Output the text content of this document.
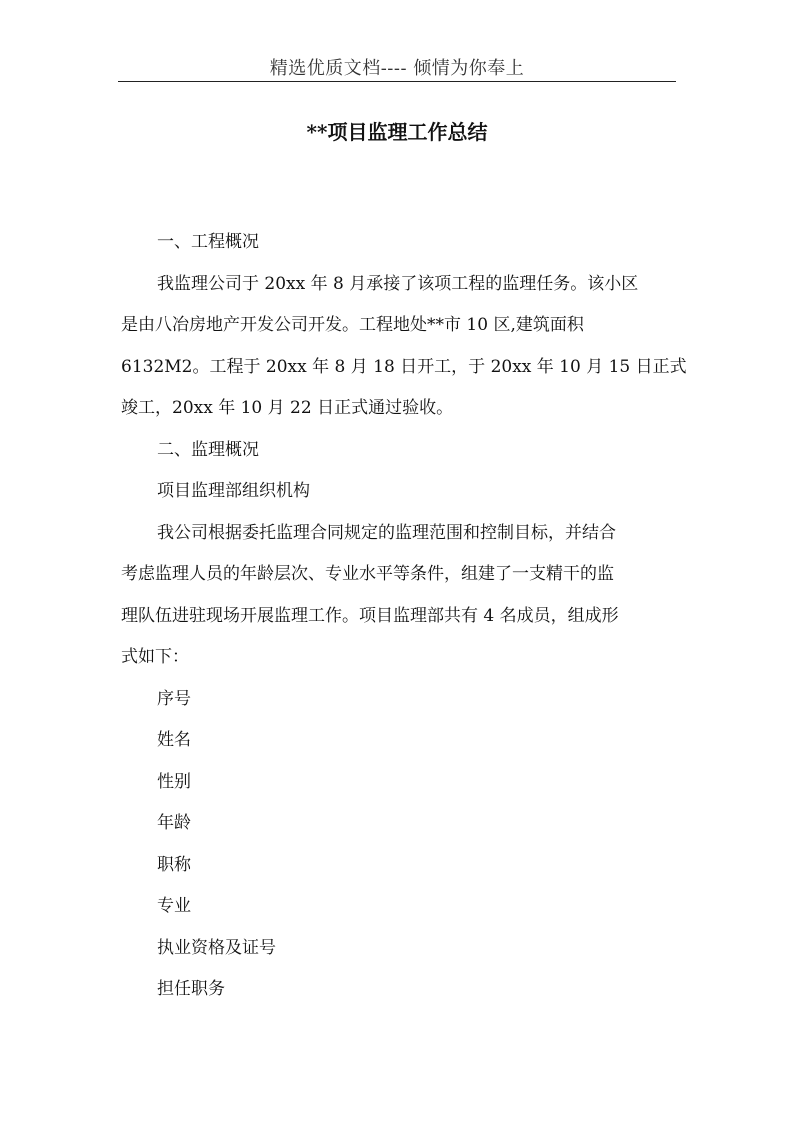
精选优质文档---- 倾情为你奉上
**项目监理工作总结

一、工程概况

我监理公司于 20xx 年 8 月承接了该项工程的监理任务。该小区
是由八冶房地产开发公司开发。工程地处**市 10 区,建筑面积
6132M2。工程于 20xx 年 8 月 18 日开工，于 20xx 年 10 月 15 日正式
竣工，20xx 年 10 月 22 日正式通过验收。

二、监理概况

项目监理部组织机构

我公司根据委托监理合同规定的监理范围和控制目标，并结合
考虑监理人员的年龄层次、专业水平等条件，组建了一支精干的监
理队伍进驻现场开展监理工作。项目监理部共有 4 名成员，组成形
式如下：

序号

姓名

性别

年龄

职称

专业

执业资格及证号

担任职务
